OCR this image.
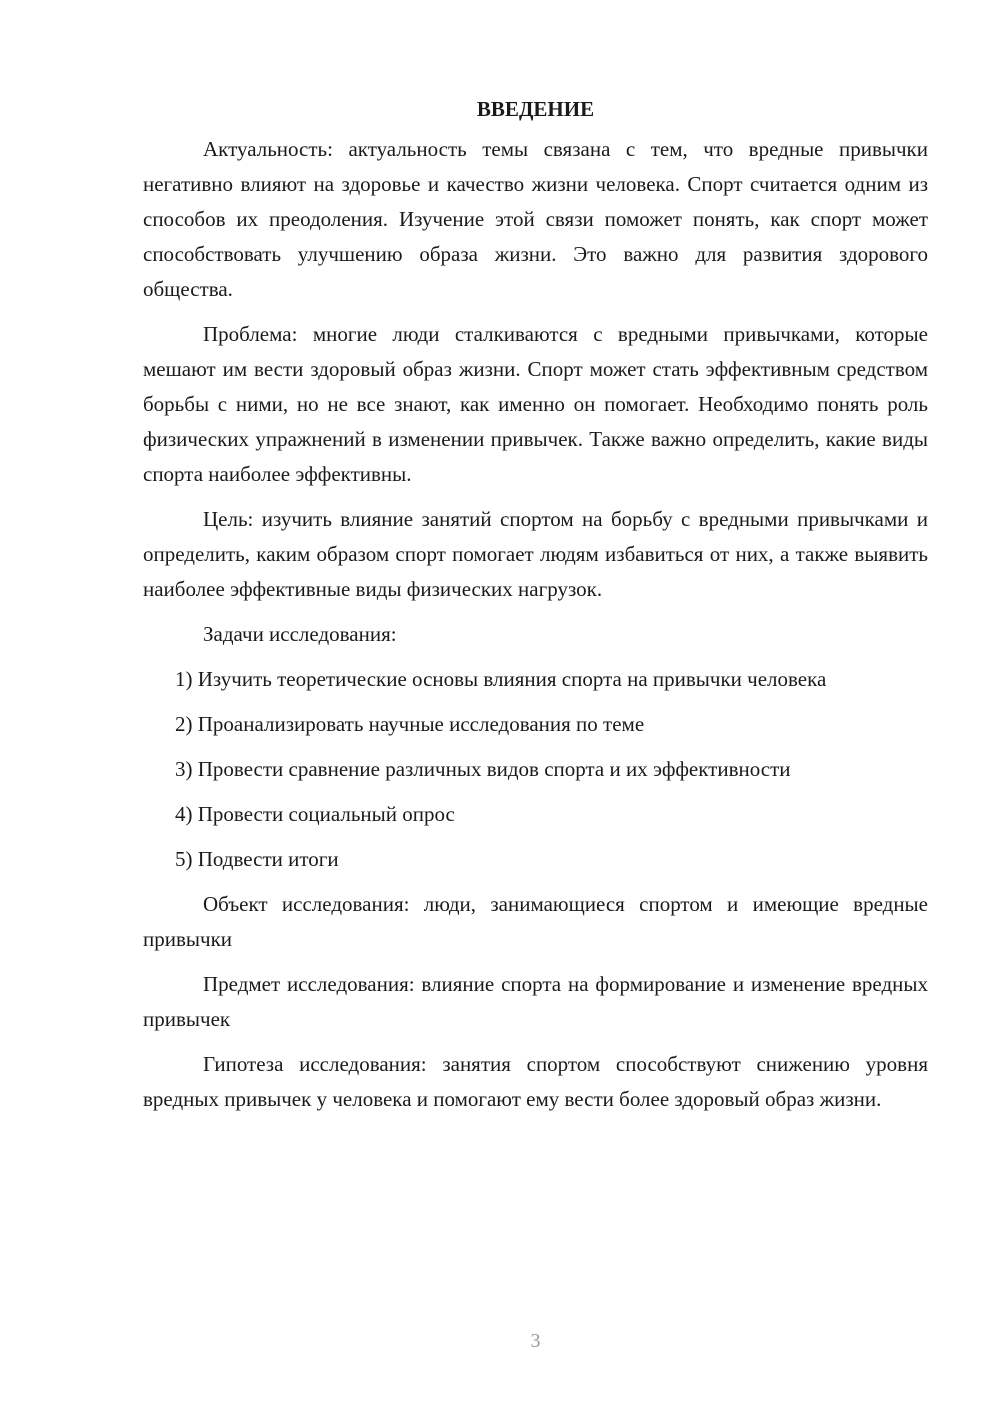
ВВЕДЕНИЕ

Актуальность: актуальность темы связана с тем, что вредные привычки негативно влияют на здоровье и качество жизни человека. Спорт считается одним из способов их преодоления. Изучение этой связи поможет понять, как спорт может способствовать улучшению образа жизни. Это важно для развития здорового общества.

Проблема: многие люди сталкиваются с вредными привычками, которые мешают им вести здоровый образ жизни. Спорт может стать эффективным средством борьбы с ними, но не все знают, как именно он помогает. Необходимо понять роль физических упражнений в изменении привычек. Также важно определить, какие виды спорта наиболее эффективны.

Цель: изучить влияние занятий спортом на борьбу с вредными привычками и определить, каким образом спорт помогает людям избавиться от них, а также выявить наиболее эффективные виды физических нагрузок.

Задачи исследования:

1) Изучить теоретические основы влияния спорта на привычки человека

2) Проанализировать научные исследования по теме

3) Провести сравнение различных видов спорта и их эффективности

4) Провести социальный опрос

5) Подвести итоги

Объект исследования: люди, занимающиеся спортом и имеющие вредные привычки

Предмет исследования: влияние спорта на формирование и изменение вредных привычек

Гипотеза исследования: занятия спортом способствуют снижению уровня вредных привычек у человека и помогают ему вести более здоровый образ жизни.

3
